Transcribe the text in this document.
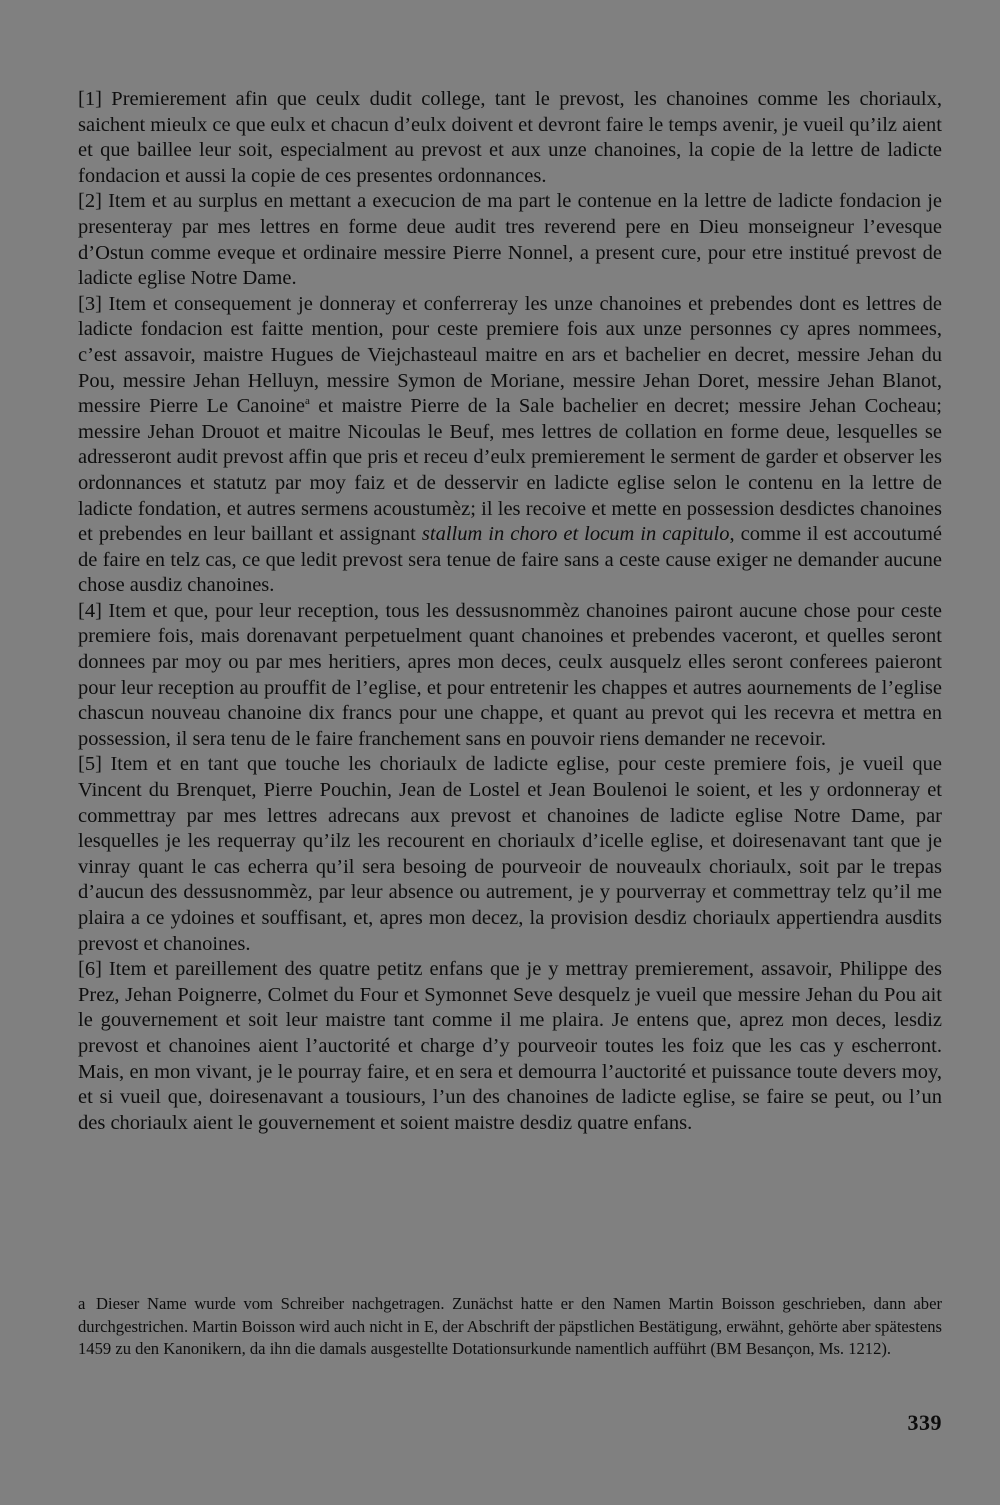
[1] Premierement afin que ceulx dudit college, tant le prevost, les chanoines comme les choriaulx, saichent mieulx ce que eulx et chacun d’eulx doivent et devront faire le temps avenir, je vueil qu’ilz aient et que baillee leur soit, especialment au prevost et aux unze chanoines, la copie de la lettre de ladicte fondacion et aussi la copie de ces presentes ordonnances.

[2] Item et au surplus en mettant a execucion de ma part le contenue en la lettre de ladicte fondacion je presenteray par mes lettres en forme deue audit tres reverend pere en Dieu monseigneur l’evesque d’Ostun comme eveque et ordinaire messire Pierre Nonnel, a present cure, pour etre institué prevost de ladicte eglise Notre Dame.

[3] Item et consequement je donneray et conferreray les unze chanoines et prebendes dont es lettres de ladicte fondacion est faitte mention, pour ceste premiere fois aux unze personnes cy apres nommees, c’est assavoir, maistre Hugues de Viejchasteaul maitre en ars et bachelier en decret, messire Jehan du Pou, messire Jehan Helluyn, messire Symon de Moriane, messire Jehan Doret, messire Jehan Blanot, messire Pierre Le Canoine$^a$ et maistre Pierre de la Sale bachelier en decret; messire Jehan Cocheau; messire Jehan Drouot et maitre Nicoulas le Beuf, mes lettres de collation en forme deue, lesquelles se adresseront audit prevost affin que pris et receu d’eulx premierement le serment de garder et observer les ordonnances et statutz par moy faiz et de desservir en ladicte eglise selon le contenu en la lettre de ladicte fondation, et autres sermens acoustumèz; il les recoive et mette en possession desdictes chanoines et prebendes en leur baillant et assignant stallum in choro et locum in capitulo, comme il est accoutumé de faire en telz cas, ce que ledit prevost sera tenue de faire sans a ceste cause exiger ne demander aucune chose ausdiz chanoines.

[4] Item et que, pour leur reception, tous les dessusnommèz chanoines pairont aucune chose pour ceste premiere fois, mais dorenavant perpetuelment quant chanoines et prebendes vaceront, et quelles seront donnees par moy ou par mes heritiers, apres mon deces, ceulx ausquelz elles seront conferees paieront pour leur reception au prouffit de l’eglise, et pour entretenir les chappes et autres aournements de l’eglise chascun nouveau chanoine dix francs pour une chappe, et quant au prevot qui les recevra et mettra en possession, il sera tenu de le faire franchement sans en pouvoir riens demander ne recevoir.

[5] Item et en tant que touche les choriaulx de ladicte eglise, pour ceste premiere fois, je vueil que Vincent du Brenquet, Pierre Pouchin, Jean de Lostel et Jean Boulenoi le soient, et les y ordonneray et commettray par mes lettres adrecans aux prevost et chanoines de ladicte eglise Notre Dame, par lesquelles je les requerray qu’ilz les recourent en choriaulx d’icelle eglise, et doiresenavant tant que je vinray quant le cas echerra qu’il sera besoing de pourveoir de nouveaulx choriaulx, soit par le trepas d’aucun des dessusnommèz, par leur absence ou autrement, je y pourverray et commettray telz qu’il me plaira a ce ydoines et souffisant, et, apres mon decez, la provision desdiz choriaulx appertiendra ausdits prevost et chanoines.

[6] Item et pareillement des quatre petitz enfans que je y mettray premierement, assavoir, Philippe des Prez, Jehan Poignerre, Colmet du Four et Symonnet Seve desquelz je vueil que messire Jehan du Pou ait le gouvernement et soit leur maistre tant comme il me plaira. Je entens que, aprez mon deces, lesdiz prevost et chanoines aient l’auctorité et charge d’y pourveoir toutes les foiz que les cas y escherront. Mais, en mon vivant, je le pourray faire, et en sera et demourra l’auctorité et puissance toute devers moy, et si vueil que, doiresenavant a tousiours, l’un des chanoines de ladicte eglise, se faire se peut, ou l’un des choriaulx aient le gouvernement et soient maistre desdiz quatre enfans.

a Dieser Name wurde vom Schreiber nachgetragen. Zunächst hatte er den Namen Martin Boisson geschrieben, dann aber durchgestrichen. Martin Boisson wird auch nicht in E, der Abschrift der päpstlichen Bestätigung, erwähnt, gehörte aber spätestens 1459 zu den Kanonikern, da ihn die damals ausgestellte Dotationsurkunde namentlich aufführt (BM Besançon, Ms. 1212).

339
